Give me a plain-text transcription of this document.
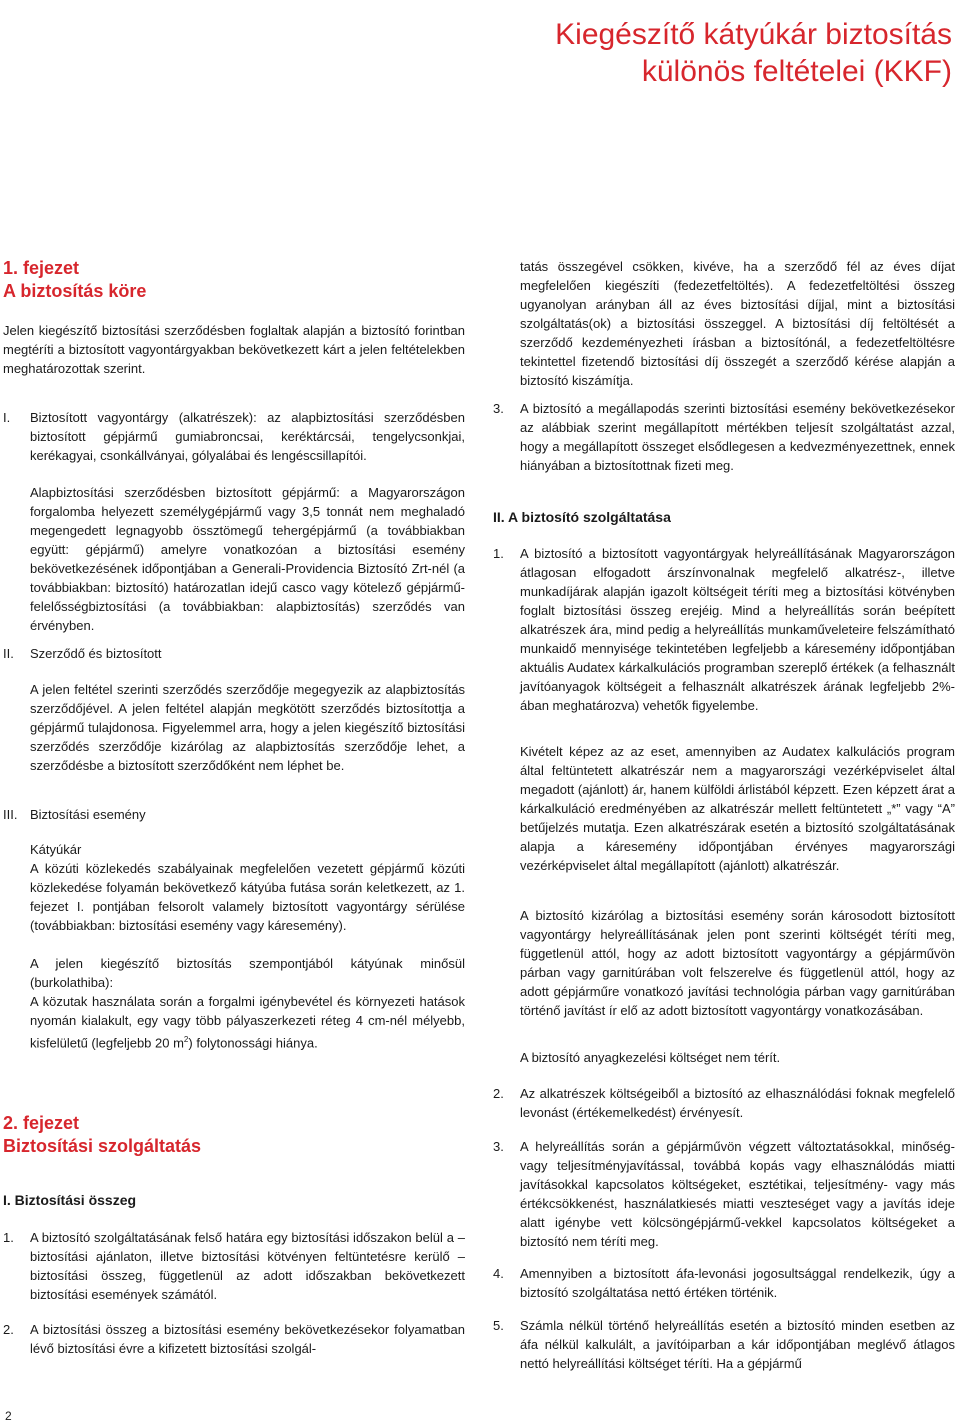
Kiegészítő kátyúkár biztosítás
különös feltételei (KKF)
1. fejezet
A biztosítás köre

Jelen kiegészítő biztosítási szerződésben foglaltak alapján a biztosító forintban megtéríti a biztosított vagyontárgyakban bekövetkezett kárt a jelen feltételekben meghatározottak szerint.

I. Biztosított vagyontárgy (alkatrészek): az alapbiztosítási szerződésben biztosított gépjármű gumiabroncsai, keréktárcsái, tengelycsonkjai, kerékagyai, csonkállványai, gólyalábai és lengéscsillapítói.

Alapbiztosítási szerződésben biztosított gépjármű: a Magyarországon forgalomba helyezett személygépjármű vagy 3,5 tonnát nem meghaladó megengedett legnagyobb össztömegű tehergépjármű (a továbbiakban együtt: gépjármű) amelyre vonatkozóan a biztosítási esemény bekövetkezésének időpontjában a Generali-Providencia Biztosító Zrt-nél (a továbbiakban: biztosító) határozatlan idejű casco vagy kötelező gépjármű-felelősségbiztosítási (a továbbiakban: alapbiztosítás) szerződés van érvényben.

II. Szerződő és biztosított

A jelen feltétel szerinti szerződés szerződője megegyezik az alapbiztosítás szerződőjével. A jelen feltétel alapján megkötött szerződés biztosítottja a gépjármű tulajdonosa. Figyelemmel arra, hogy a jelen kiegészítő biztosítási szerződés szerződője kizárólag az alapbiztosítás szerződője lehet, a szerződésbe a biztosított szerződőként nem léphet be.

III. Biztosítási esemény

Kátyúkár

A közúti közlekedés szabályainak megfelelően vezetett gépjármű közúti közlekedése folyamán bekövetkező kátyúba futása során keletkezett, az 1. fejezet I. pontjában felsorolt valamely biztosított vagyontárgy sérülése (továbbiakban: biztosítási esemény vagy káresemény).

A jelen kiegészítő biztosítás szempontjából kátyúnak minősül (burkolathiba):

A közutak használata során a forgalmi igénybevétel és környezeti hatások nyomán kialakult, egy vagy több pályaszerkezeti réteg 4 cm-nél mélyebb, kisfelületű (legfeljebb 20 $m^2$) folytonossági hiánya.

2. fejezet
Biztosítási szolgáltatás

I. Biztosítási összeg

1. A biztosító szolgáltatásának felső határa egy biztosítási időszakon belül a – biztosítási ajánlaton, illetve biztosítási kötvényen feltüntetésre kerülő – biztosítási összeg, függetlenül az adott időszakban bekövetkezett biztosítási események számától.

2. A biztosítási összeg a biztosítási esemény bekövetkezésekor folyamatban lévő biztosítási évre a kifizetett biztosítási szolgál-

tatás összegével csökken, kivéve, ha a szerződő fél az éves díjat megfelelően kiegészíti (fedezetfeltöltés). A fedezetfeltöltési összeg ugyanolyan arányban áll az éves biztosítási díjjal, mint a biztosítási szolgáltatás(ok) a biztosítási összeggel. A biztosítási díj feltöltését a szerződő kezdeményezheti írásban a biztosítónál, a fedezetfeltöltésre tekintettel fizetendő biztosítási díj összegét a szerződő kérése alapján a biztosító kiszámítja.

3. A biztosító a megállapodás szerinti biztosítási esemény bekövetkezésekor az alábbiak szerint megállapított mértékben teljesít szolgáltatást azzal, hogy a megállapított összeget elsődlegesen a kedvezményezettnek, ennek hiányában a biztosítottnak fizeti meg.

II. A biztosító szolgáltatása

1. A biztosító a biztosított vagyontárgyak helyreállításának Magyarországon átlagosan elfogadott árszínvonalnak megfelelő alkatrész-, illetve munkadíjárak alapján igazolt költségeit téríti meg a biztosítási kötvényben foglalt biztosítási összeg erejéig. Mind a helyreállítás során beépített alkatrészek ára, mind pedig a helyreállítás munkaműveleteire felszámítható munkaidő mennyisége tekintetében legfeljebb a káresemény időpontjában aktuális Audatex kárkalkulációs programban szereplő értékek (a felhasznált javítóanyagok költségeit a felhasznált alkatrészek árának legfeljebb 2%-ában meghatározva) vehetők figyelembe.

Kivételt képez az az eset, amennyiben az Audatex kalkulációs program által feltüntetett alkatrészár nem a magyarországi vezérképviselet által megadott (ajánlott) ár, hanem külföldi árlistából képzett. Ezen képzett árat a kárkalkuláció eredményében az alkatrészár mellett feltüntetett „*” vagy “A” betűjelzés mutatja. Ezen alkatrészárak esetén a biztosító szolgáltatásának alapja a káresemény időpontjában érvényes magyarországi vezérképviselet által megállapított (ajánlott) alkatrészár.

A biztosító kizárólag a biztosítási esemény során károsodott biztosított vagyontárgy helyreállításának jelen pont szerinti költségét téríti meg, függetlenül attól, hogy az adott biztosított vagyontárgy a gépjárművön párban vagy garnitúrában volt felszerelve és függetlenül attól, hogy az adott gépjárműre vonatkozó javítási technológia párban vagy garnitúrában történő javítást ír elő az adott biztosított vagyontárgy vonatkozásában.

A biztosító anyagkezelési költséget nem térít.

2. Az alkatrészek költségeiből a biztosító az elhasználódási foknak megfelelő levonást (értékemelkedést) érvényesít.

3. A helyreállítás során a gépjárművön végzett változtatásokkal, minőség- vagy teljesítményjavítással, továbbá kopás vagy elhasználódás miatti javításokkal kapcsolatos költségeket, esztétikai, teljesítmény- vagy más értékcsökkenést, használatkiesés miatti veszteséget vagy a javítás ideje alatt igénybe vett kölcsöngépjármű-vekkel kapcsolatos költségeket a biztosító nem téríti meg.

4. Amennyiben a biztosított áfa-levonási jogosultsággal rendelkezik, úgy a biztosító szolgáltatása nettó értéken történik.

5. Számla nélkül történő helyreállítás esetén a biztosító minden esetben az áfa nélkül kalkulált, a javítóiparban a kár időpontjában meglévő átlagos nettó helyreállítási költséget téríti. Ha a gépjármű

2
